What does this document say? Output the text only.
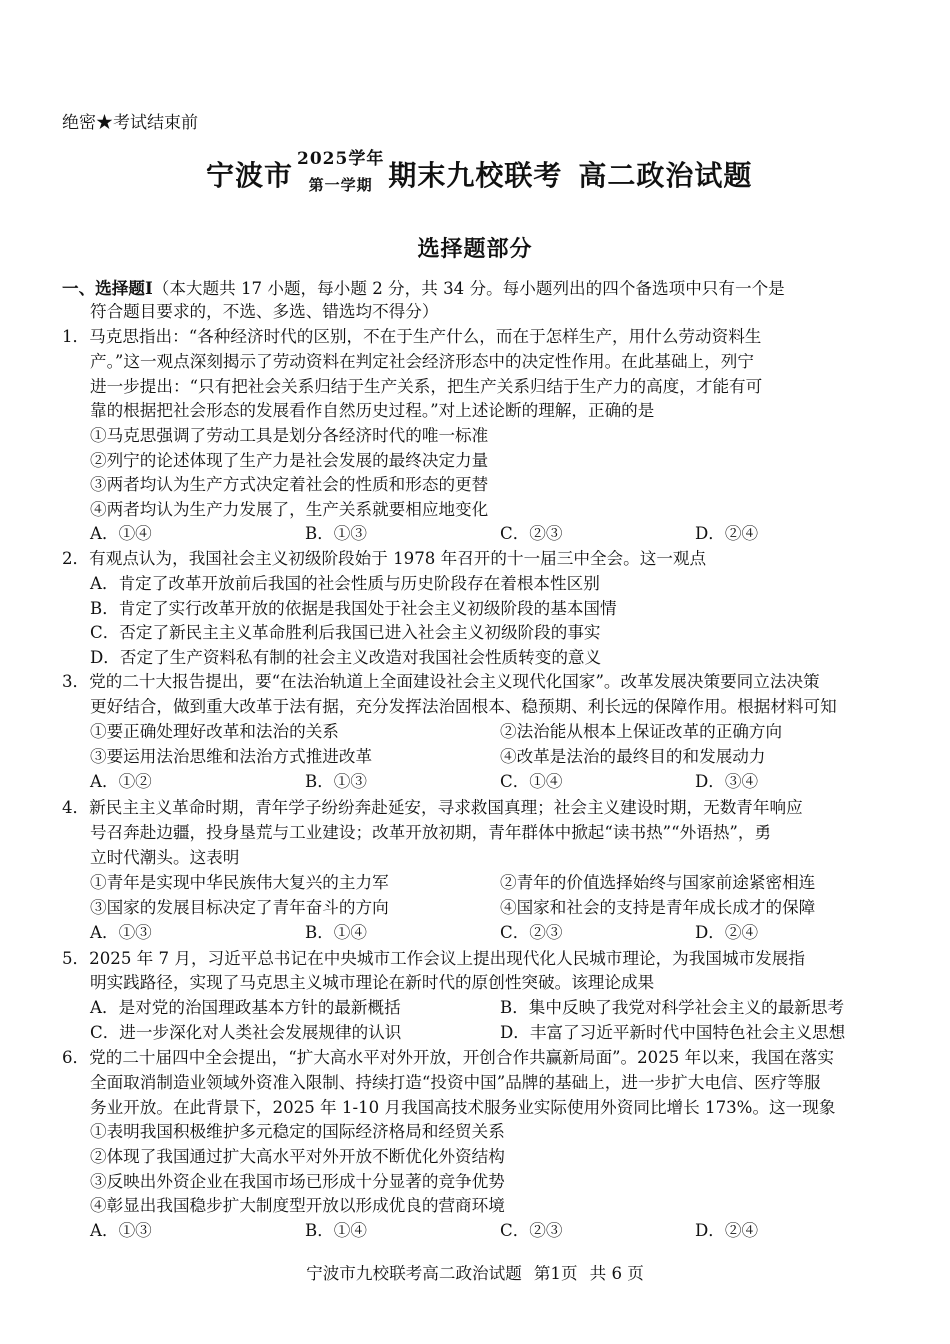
绝密★考试结束前
宁波市 2025学年
第一学期 期末九校联考 高二政治试题
选择题部分
一、选择题Ⅰ（本大题共 17 小题，每小题 2 分，共 34 分。每小题列出的四个备选项中只有一个是
符合题目要求的，不选、多选、错选均不得分）
1．马克思指出：“各种经济时代的区别，不在于生产什么，而在于怎样生产，用什么劳动资料生
产。”这一观点深刻揭示了劳动资料在判定社会经济形态中的决定性作用。在此基础上，列宁
进一步提出：“只有把社会关系归结于生产关系，把生产关系归结于生产力的高度，才能有可
靠的根据把社会形态的发展看作自然历史过程。”对上述论断的理解，正确的是
①马克思强调了劳动工具是划分各经济时代的唯一标准
②列宁的论述体现了生产力是社会发展的最终决定力量
③两者均认为生产方式决定着社会的性质和形态的更替
④两者均认为生产力发展了，生产关系就要相应地变化
A．①④	B．①③	C．②③	D．②④
2．有观点认为，我国社会主义初级阶段始于 1978 年召开的十一届三中全会。这一观点
A．肯定了改革开放前后我国的社会性质与历史阶段存在着根本性区别
B．肯定了实行改革开放的依据是我国处于社会主义初级阶段的基本国情
C．否定了新民主主义革命胜利后我国已进入社会主义初级阶段的事实
D．否定了生产资料私有制的社会主义改造对我国社会性质转变的意义
3．党的二十大报告提出，要“在法治轨道上全面建设社会主义现代化国家”。改革发展决策要同立法决策
更好结合，做到重大改革于法有据，充分发挥法治固根本、稳预期、利长远的保障作用。根据材料可知
①要正确处理好改革和法治的关系	②法治能从根本上保证改革的正确方向
③要运用法治思维和法治方式推进改革	④改革是法治的最终目的和发展动力
A．①②	B．①③	C．①④	D．③④
4．新民主主义革命时期，青年学子纷纷奔赴延安，寻求救国真理；社会主义建设时期，无数青年响应
号召奔赴边疆，投身垦荒与工业建设；改革开放初期，青年群体中掀起“读书热”“外语热”，勇
立时代潮头。这表明
①青年是实现中华民族伟大复兴的主力军	②青年的价值选择始终与国家前途紧密相连
③国家的发展目标决定了青年奋斗的方向	④国家和社会的支持是青年成长成才的保障
A．①③	B．①④	C．②③	D．②④
5．2025 年 7 月，习近平总书记在中央城市工作会议上提出现代化人民城市理论，为我国城市发展指
明实践路径，实现了马克思主义城市理论在新时代的原创性突破。该理论成果
A．是对党的治国理政基本方针的最新概括	B．集中反映了我党对科学社会主义的最新思考
C．进一步深化对人类社会发展规律的认识	D．丰富了习近平新时代中国特色社会主义思想
6．党的二十届四中全会提出，“扩大高水平对外开放，开创合作共赢新局面”。2025 年以来，我国在落实
全面取消制造业领域外资准入限制、持续打造“投资中国”品牌的基础上，进一步扩大电信、医疗等服
务业开放。在此背景下，2025 年 1-10 月我国高技术服务业实际使用外资同比增长 173%。这一现象
①表明我国积极维护多元稳定的国际经济格局和经贸关系
②体现了我国通过扩大高水平对外开放不断优化外资结构
③反映出外资企业在我国市场已形成十分显著的竞争优势
④彰显出我国稳步扩大制度型开放以形成优良的营商环境
A．①③	B．①④	C．②③	D．②④
宁波市九校联考高二政治试题 第1页 共 6 页
